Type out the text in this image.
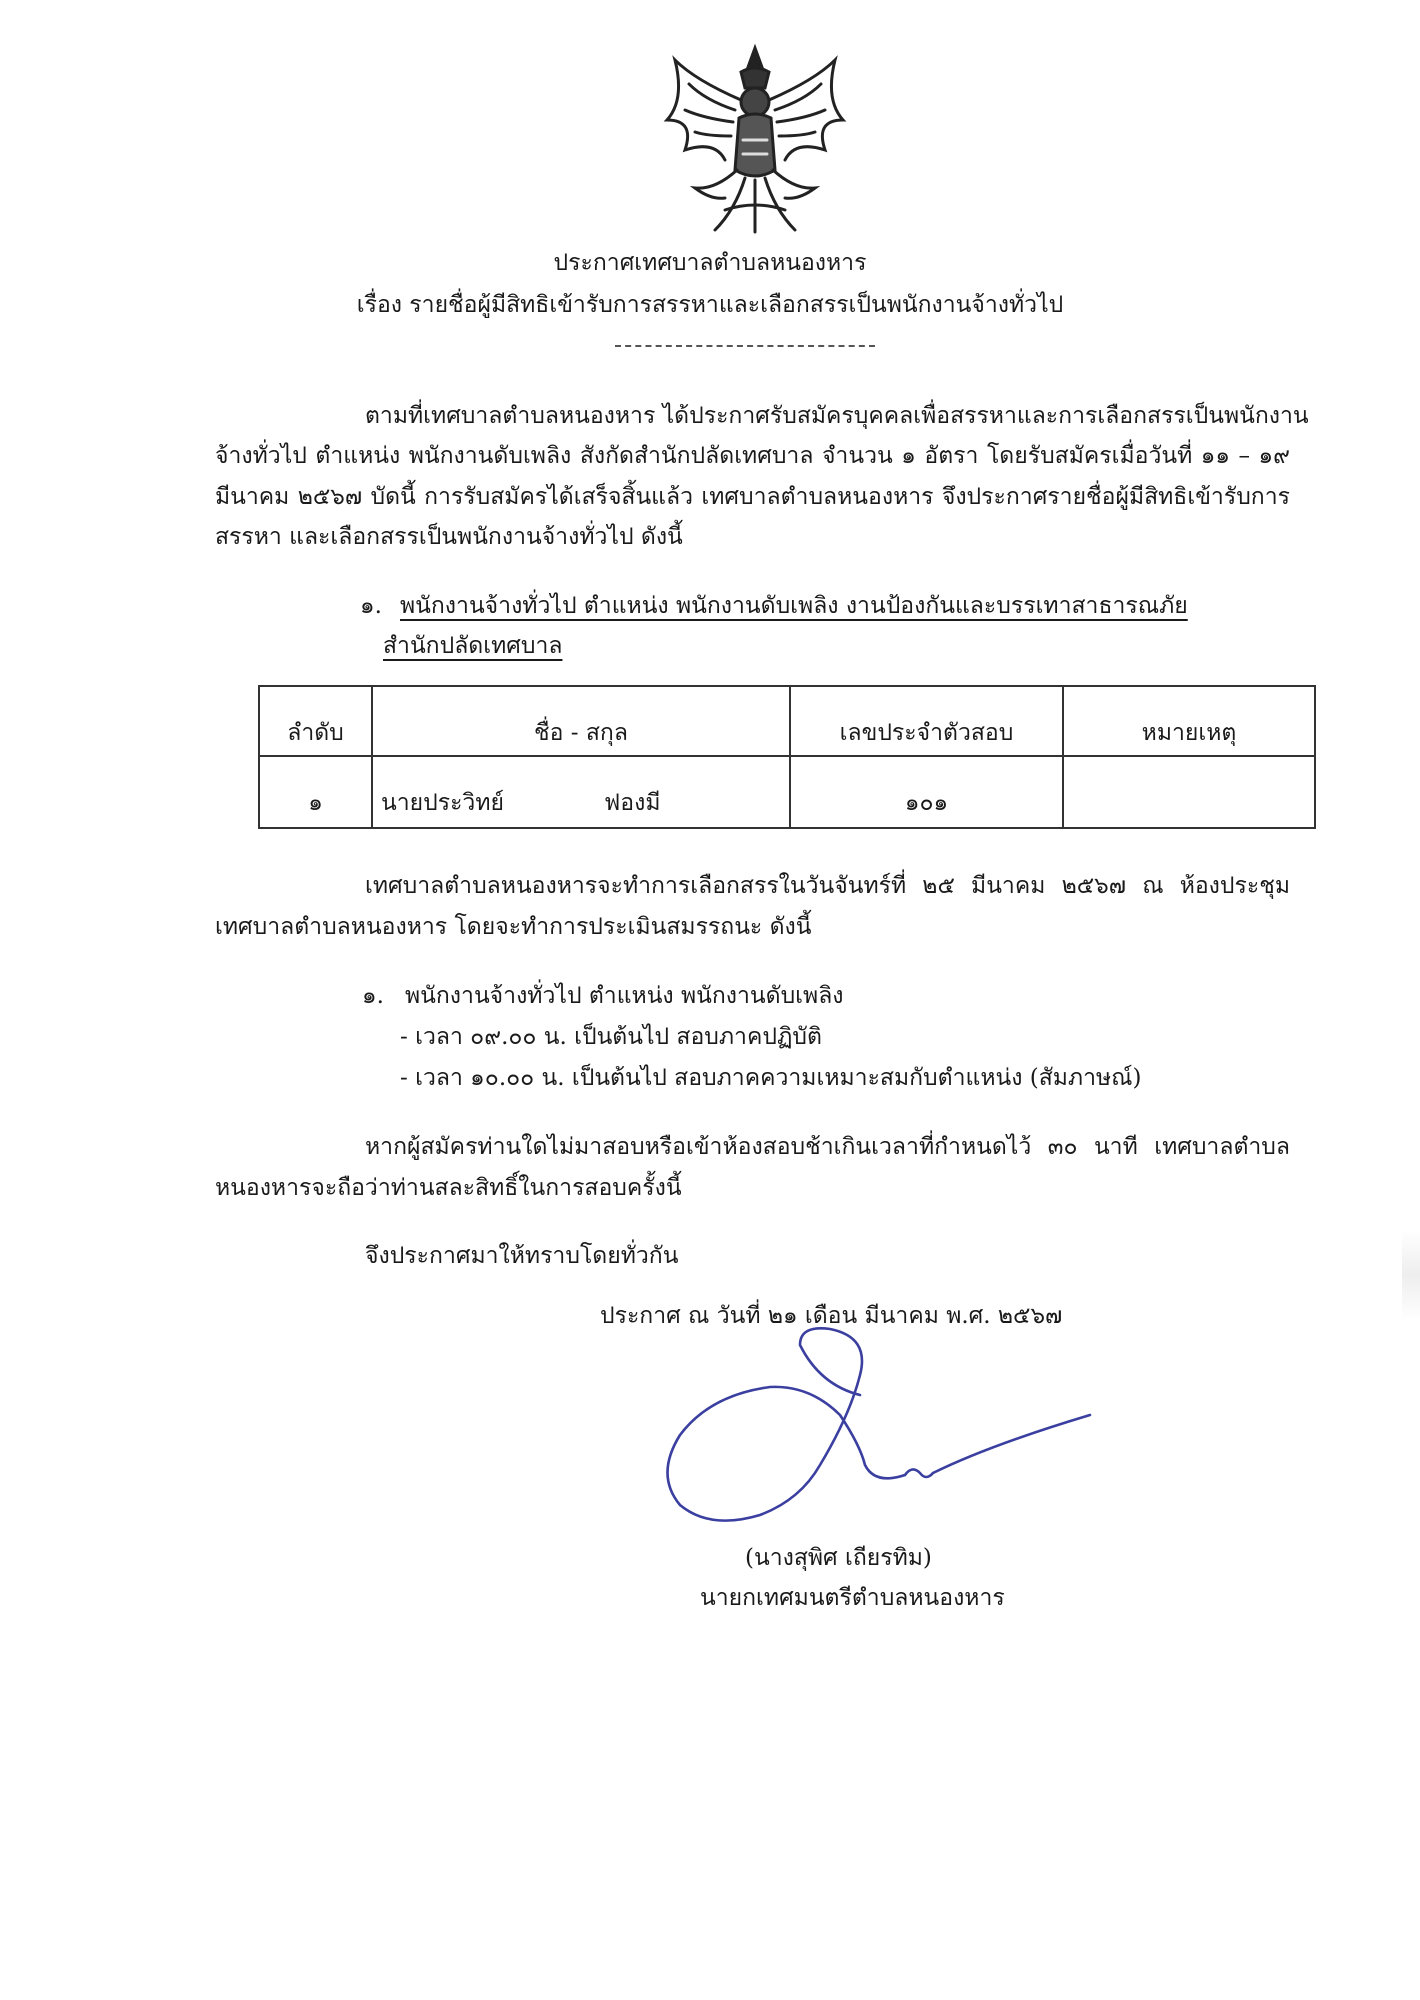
ประกาศเทศบาลตำบลหนองหาร
เรื่อง รายชื่อผู้มีสิทธิเข้ารับการสรรหาและเลือกสรรเป็นพนักงานจ้างทั่วไป
ตามที่เทศบาลตำบลหนองหาร ได้ประกาศรับสมัครบุคคลเพื่อสรรหาและการเลือกสรรเป็นพนักงาน
จ้างทั่วไป ตำแหน่ง พนักงานดับเพลิง สังกัดสำนักปลัดเทศบาล จำนวน ๑ อัตรา โดยรับสมัครเมื่อวันที่ ๑๑ – ๑๙
มีนาคม ๒๕๖๗ บัดนี้ การรับสมัครได้เสร็จสิ้นแล้ว เทศบาลตำบลหนองหาร จึงประกาศรายชื่อผู้มีสิทธิเข้ารับการ
สรรหา และเลือกสรรเป็นพนักงานจ้างทั่วไป ดังนี้
๑. พนักงานจ้างทั่วไป ตำแหน่ง พนักงานดับเพลิง งานป้องกันและบรรเทาสาธารณภัย
สำนักปลัดเทศบาล
ลำดับ	ชื่อ - สกุล	เลขประจำตัวสอบ	หมายเหตุ
๑	นายประวิทย์ ฟองมี	๑๐๑	
เทศบาลตำบลหนองหารจะทำการเลือกสรรในวันจันทร์ที่ ๒๕ มีนาคม ๒๕๖๗ ณ ห้องประชุม
เทศบาลตำบลหนองหาร โดยจะทำการประเมินสมรรถนะ ดังนี้
๑. พนักงานจ้างทั่วไป ตำแหน่ง พนักงานดับเพลิง
- เวลา ๐๙.๐๐ น. เป็นต้นไป สอบภาคปฏิบัติ
- เวลา ๑๐.๐๐ น. เป็นต้นไป สอบภาคความเหมาะสมกับตำแหน่ง (สัมภาษณ์)
หากผู้สมัครท่านใดไม่มาสอบหรือเข้าห้องสอบช้าเกินเวลาที่กำหนดไว้ ๓๐ นาที เทศบาลตำบล
หนองหารจะถือว่าท่านสละสิทธิ์ในการสอบครั้งนี้
จึงประกาศมาให้ทราบโดยทั่วกัน
ประกาศ ณ วันที่ ๒๑ เดือน มีนาคม พ.ศ. ๒๕๖๗
(นางสุพิศ เถียรทิม)
นายกเทศมนตรีตำบลหนองหาร
